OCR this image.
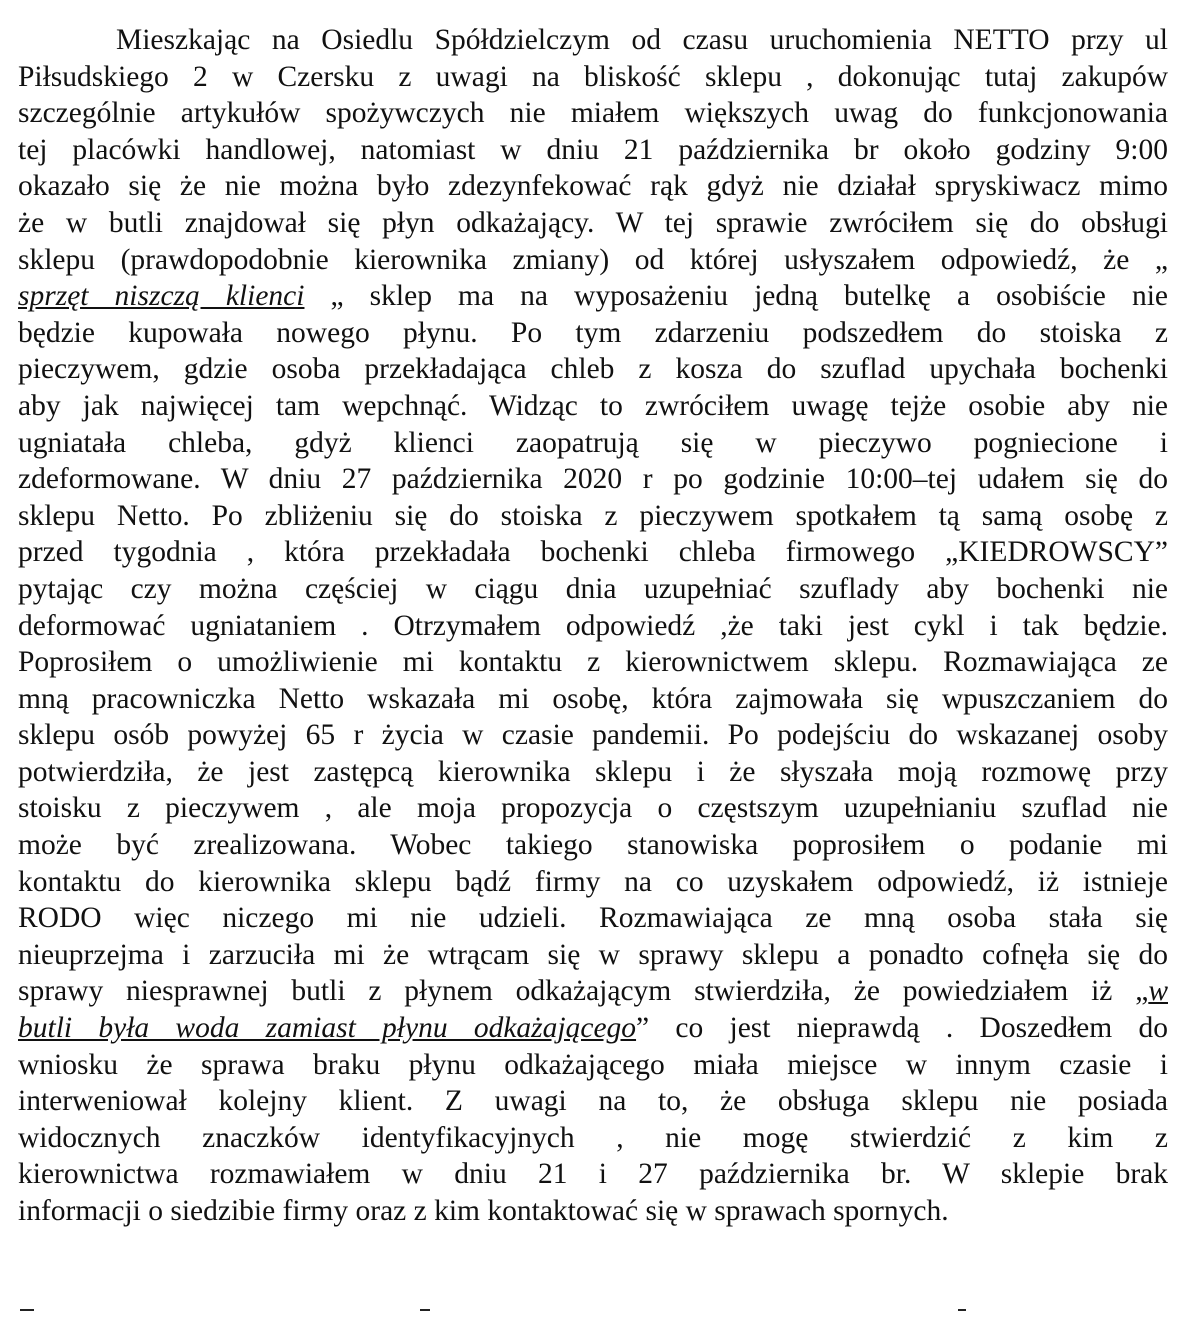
Mieszkając na Osiedlu Spółdzielczym od czasu uruchomienia NETTO przy ul
Piłsudskiego 2 w Czersku z uwagi na bliskość sklepu , dokonując tutaj zakupów
szczególnie artykułów spożywczych nie miałem większych uwag do funkcjonowania
tej placówki handlowej, natomiast w dniu 21 października br około godziny 9:00
okazało się że nie można było zdezynfekować rąk gdyż nie działał spryskiwacz mimo
że w butli znajdował się płyn odkażający. W tej sprawie zwróciłem się do obsługi
sklepu (prawdopodobnie kierownika zmiany) od której usłyszałem odpowiedź, że „
sprzęt niszczą klienci „ sklep ma na wyposażeniu jedną butelkę a osobiście nie
będzie kupowała nowego płynu. Po tym zdarzeniu podszedłem do stoiska z
pieczywem, gdzie osoba przekładająca chleb z kosza do szuflad upychała bochenki
aby jak najwięcej tam wepchnąć. Widząc to zwróciłem uwagę tejże osobie aby nie
ugniatała chleba, gdyż klienci zaopatrują się w pieczywo pogniecione i
zdeformowane. W dniu 27 października 2020 r po godzinie 10:00–tej udałem się do
sklepu Netto. Po zbliżeniu się do stoiska z pieczywem spotkałem tą samą osobę z
przed tygodnia , która przekładała bochenki chleba firmowego „KIEDROWSCY”
pytając czy można częściej w ciągu dnia uzupełniać szuflady aby bochenki nie
deformować ugniataniem . Otrzymałem odpowiedź ,że taki jest cykl i tak będzie.
Poprosiłem o umożliwienie mi kontaktu z kierownictwem sklepu. Rozmawiająca ze
mną pracowniczka Netto wskazała mi osobę, która zajmowała się wpuszczaniem do
sklepu osób powyżej 65 r życia w czasie pandemii. Po podejściu do wskazanej osoby
potwierdziła, że jest zastępcą kierownika sklepu i że słyszała moją rozmowę przy
stoisku z pieczywem , ale moja propozycja o częstszym uzupełnianiu szuflad nie
może być zrealizowana. Wobec takiego stanowiska poprosiłem o podanie mi
kontaktu do kierownika sklepu bądź firmy na co uzyskałem odpowiedź, iż istnieje
RODO więc niczego mi nie udzieli. Rozmawiająca ze mną osoba stała się
nieuprzejma i zarzuciła mi że wtrącam się w sprawy sklepu a ponadto cofnęła się do
sprawy niesprawnej butli z płynem odkażającym stwierdziła, że powiedziałem iż „w
butli była woda zamiast płynu odkażającego” co jest nieprawdą . Doszedłem do
wniosku że sprawa braku płynu odkażającego miała miejsce w innym czasie i
interweniował kolejny klient. Z uwagi na to, że obsługa sklepu nie posiada
widocznych znaczków identyfikacyjnych , nie mogę stwierdzić z kim z
kierownictwa rozmawiałem w dniu 21 i 27 października br. W sklepie brak
informacji o siedzibie firmy oraz z kim kontaktować się w sprawach spornych.
